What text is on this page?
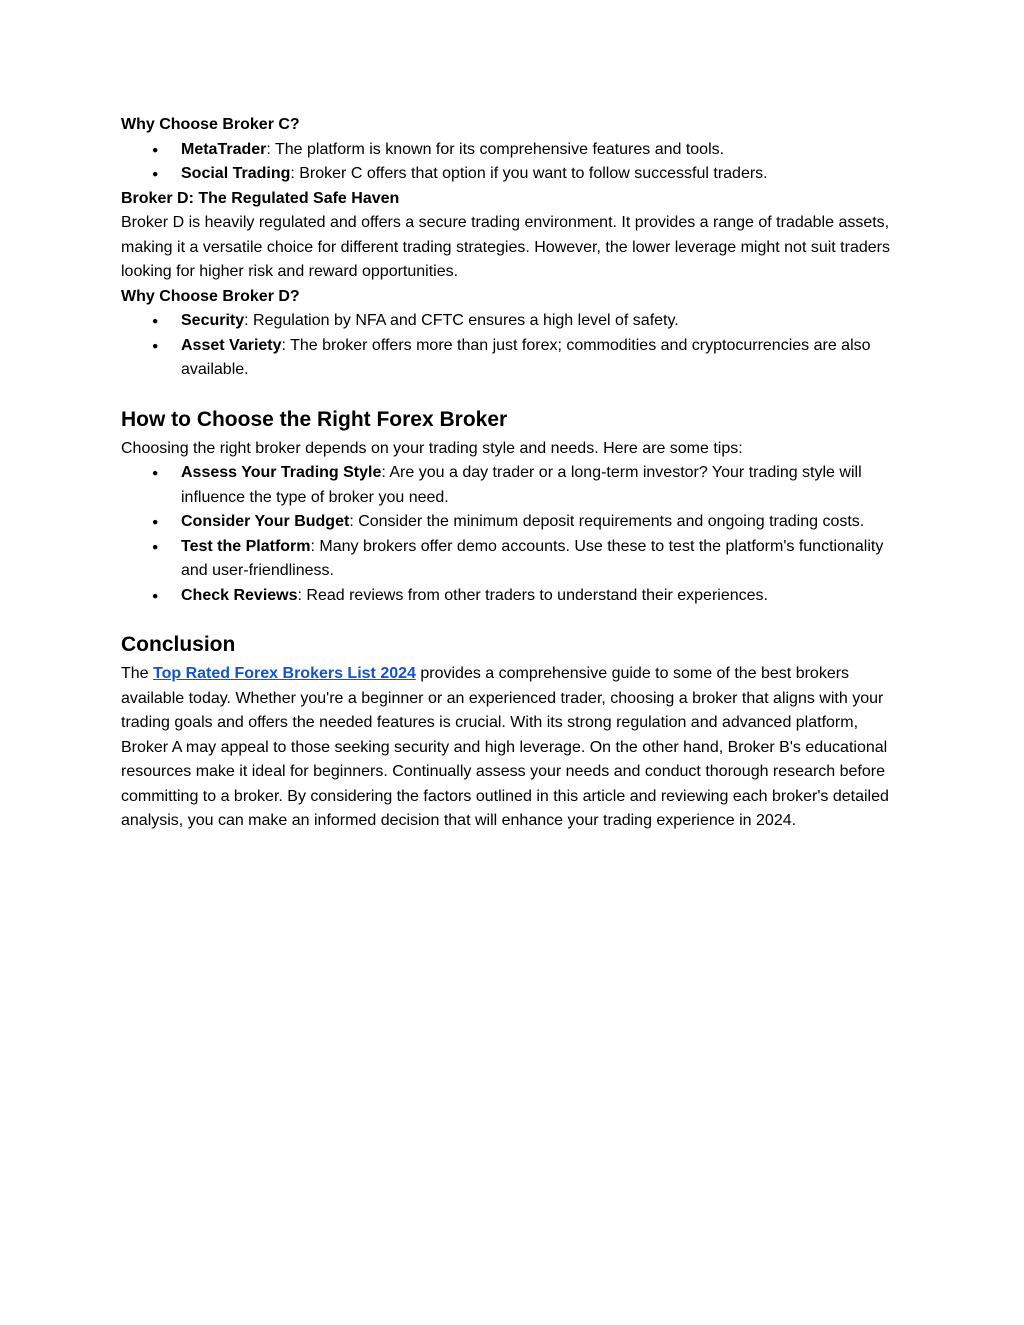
Why Choose Broker C?

● MetaTrader: The platform is known for its comprehensive features and tools.
● Social Trading: Broker C offers that option if you want to follow successful traders.

Broker D: The Regulated Safe Haven

Broker D is heavily regulated and offers a secure trading environment. It provides a range of tradable assets, making it a versatile choice for different trading strategies. However, the lower leverage might not suit traders looking for higher risk and reward opportunities.

Why Choose Broker D?

● Security: Regulation by NFA and CFTC ensures a high level of safety.
● Asset Variety: The broker offers more than just forex; commodities and cryptocurrencies are also available.
How to Choose the Right Forex Broker

Choosing the right broker depends on your trading style and needs. Here are some tips:

● Assess Your Trading Style: Are you a day trader or a long-term investor? Your trading style will influence the type of broker you need.
● Consider Your Budget: Consider the minimum deposit requirements and ongoing trading costs.
● Test the Platform: Many brokers offer demo accounts. Use these to test the platform's functionality and user-friendliness.
● Check Reviews: Read reviews from other traders to understand their experiences.
Conclusion

The Top Rated Forex Brokers List 2024 provides a comprehensive guide to some of the best brokers available today. Whether you're a beginner or an experienced trader, choosing a broker that aligns with your trading goals and offers the needed features is crucial. With its strong regulation and advanced platform, Broker A may appeal to those seeking security and high leverage. On the other hand, Broker B's educational resources make it ideal for beginners. Continually assess your needs and conduct thorough research before committing to a broker. By considering the factors outlined in this article and reviewing each broker's detailed analysis, you can make an informed decision that will enhance your trading experience in 2024.
